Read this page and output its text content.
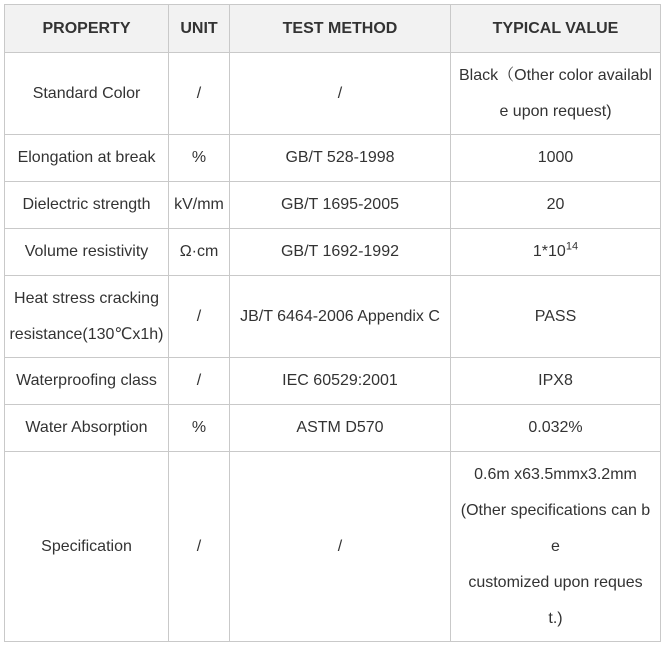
PROPERTY	UNIT	TEST METHOD	TYPICAL VALUE
Standard Color	/	/	Black（Other color availabl
e upon request)

Elongation at break	%	GB/T 528-1998	1000
Dielectric strength	kV/mm	GB/T 1695-2005	20
Volume resistivity	Ω·cm	GB/T 1692-1992	$1*10^{14}$

Heat stress cracking
resistance(130℃x1h)	/	JB/T 6464-2006 Appendix C	PASS
Waterproofing class	/	IEC 60529:2001	IPX8
Water Absorption	%	ASTM D570	0.032%
Specification	/	/	0.6m x63.5mmx3.2mm
(Other specifications can b
e
customized upon reques
t.)
